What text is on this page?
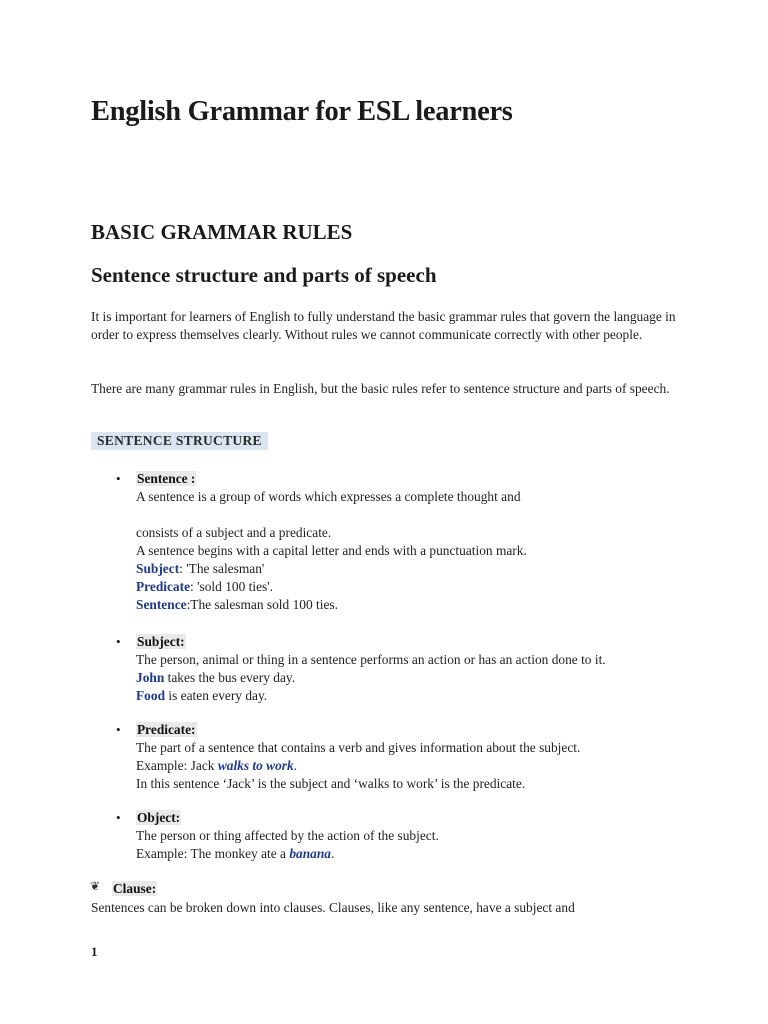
English Grammar for ESL learners
BASIC GRAMMAR RULES
Sentence structure and parts of speech
It is important for learners of English to fully understand the basic grammar rules that govern the language in order to express themselves clearly. Without rules we cannot communicate correctly with other people.
There are many grammar rules in English, but the basic rules refer to sentence structure and parts of speech.
SENTENCE STRUCTURE
• Sentence :
A sentence is a group of words which expresses a complete thought and
consists of a subject and a predicate.
A sentence begins with a capital letter and ends with a punctuation mark.
Subject: 'The salesman'
Predicate: 'sold 100 ties'.
Sentence:The salesman sold 100 ties.
• Subject:
The person, animal or thing in a sentence performs an action or has an action done to it.
John takes the bus every day.
Food is eaten every day.
• Predicate:
The part of a sentence that contains a verb and gives information about the subject.
Example: Jack walks to work.
In this sentence ‘Jack’ is the subject and ‘walks to work’ is the predicate.
• Object:
The person or thing affected by the action of the subject.
Example: The monkey ate a banana.
❦ Clause:
Sentences can be broken down into clauses. Clauses, like any sentence, have a subject and
1
